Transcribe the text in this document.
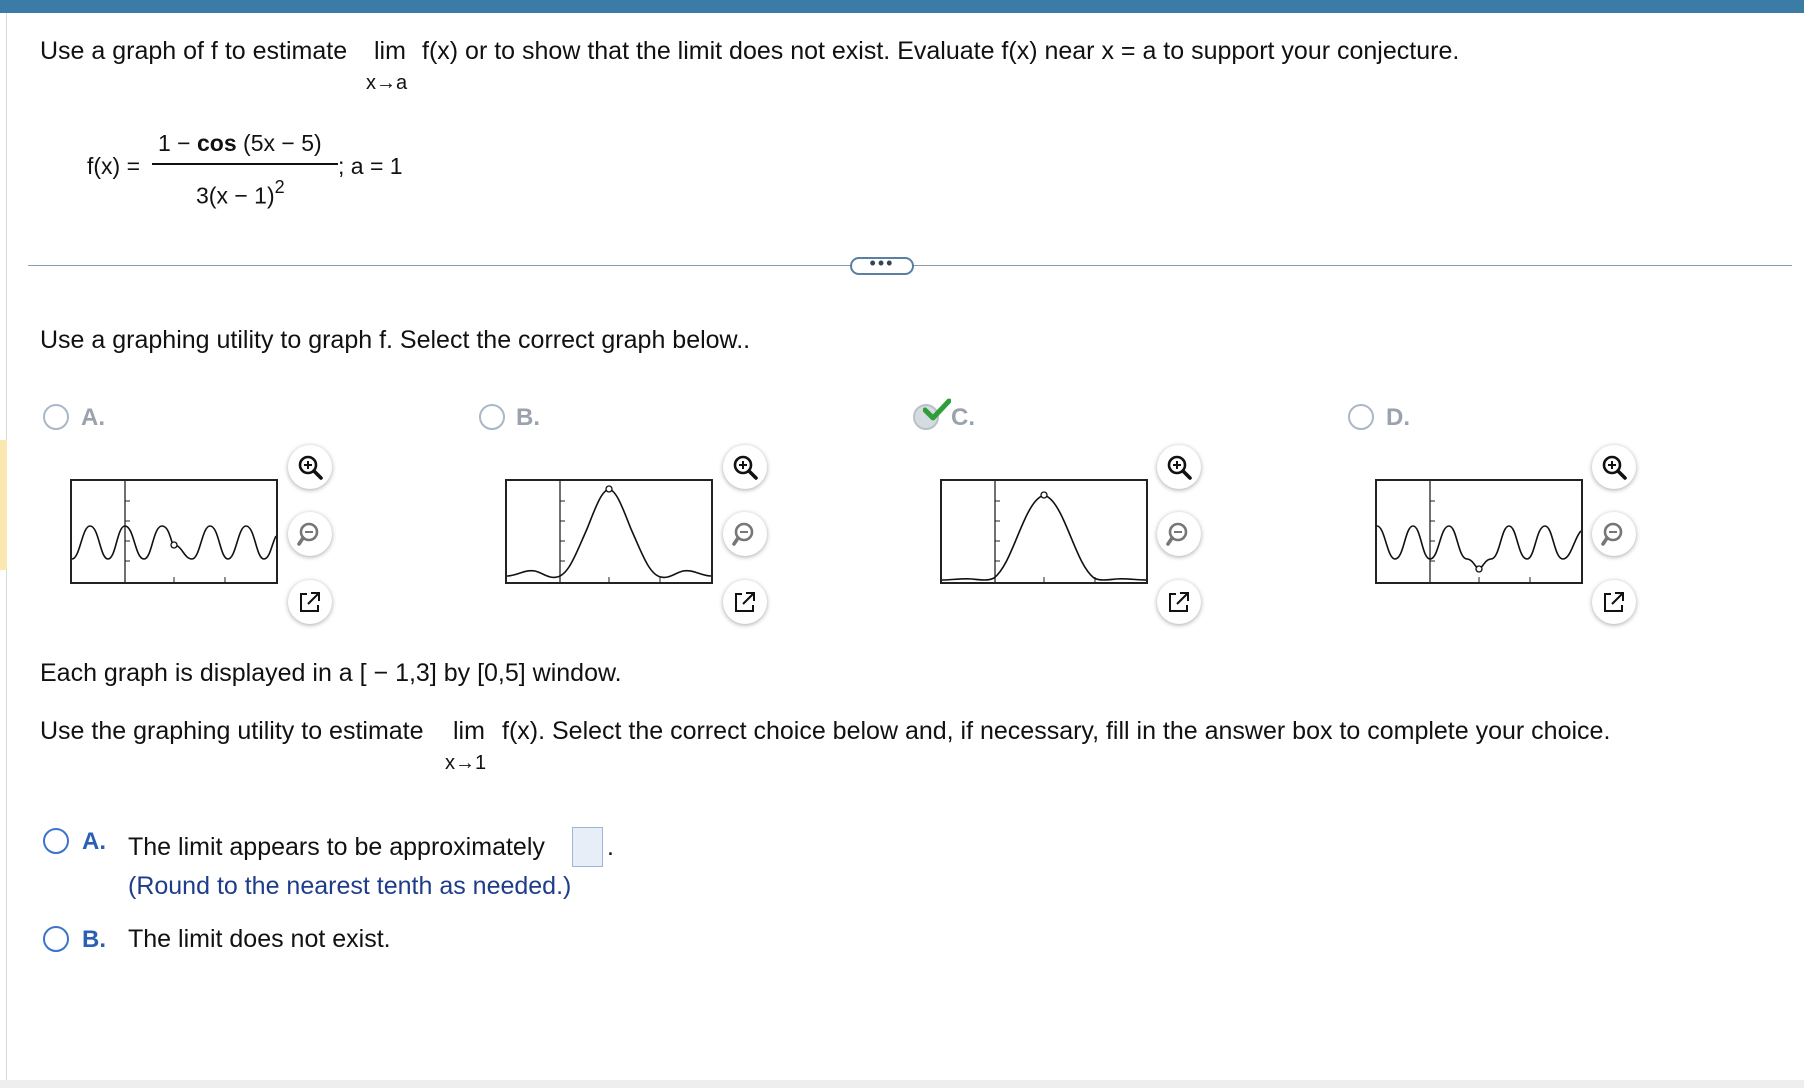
Use a graph of f to estimate lim
x→a
f(x) or to show that the limit does not exist. Evaluate f(x) near x = a to support your conjecture.
f(x) =
1 − cos (5x − 5)
$3(x - 1)^2$
; a = 1
•••
Use a graphing utility to graph f. Select the correct graph below..
A.	B.	C.	D.
Each graph is displayed in a [ − 1,3] by [0,5] window.
Use the graphing utility to estimate lim
x→1
f(x). Select the correct choice below and, if necessary, fill in the answer box to complete your choice.
A. The limit appears to be approximately .
(Round to the nearest tenth as needed.)
B. The limit does not exist.
